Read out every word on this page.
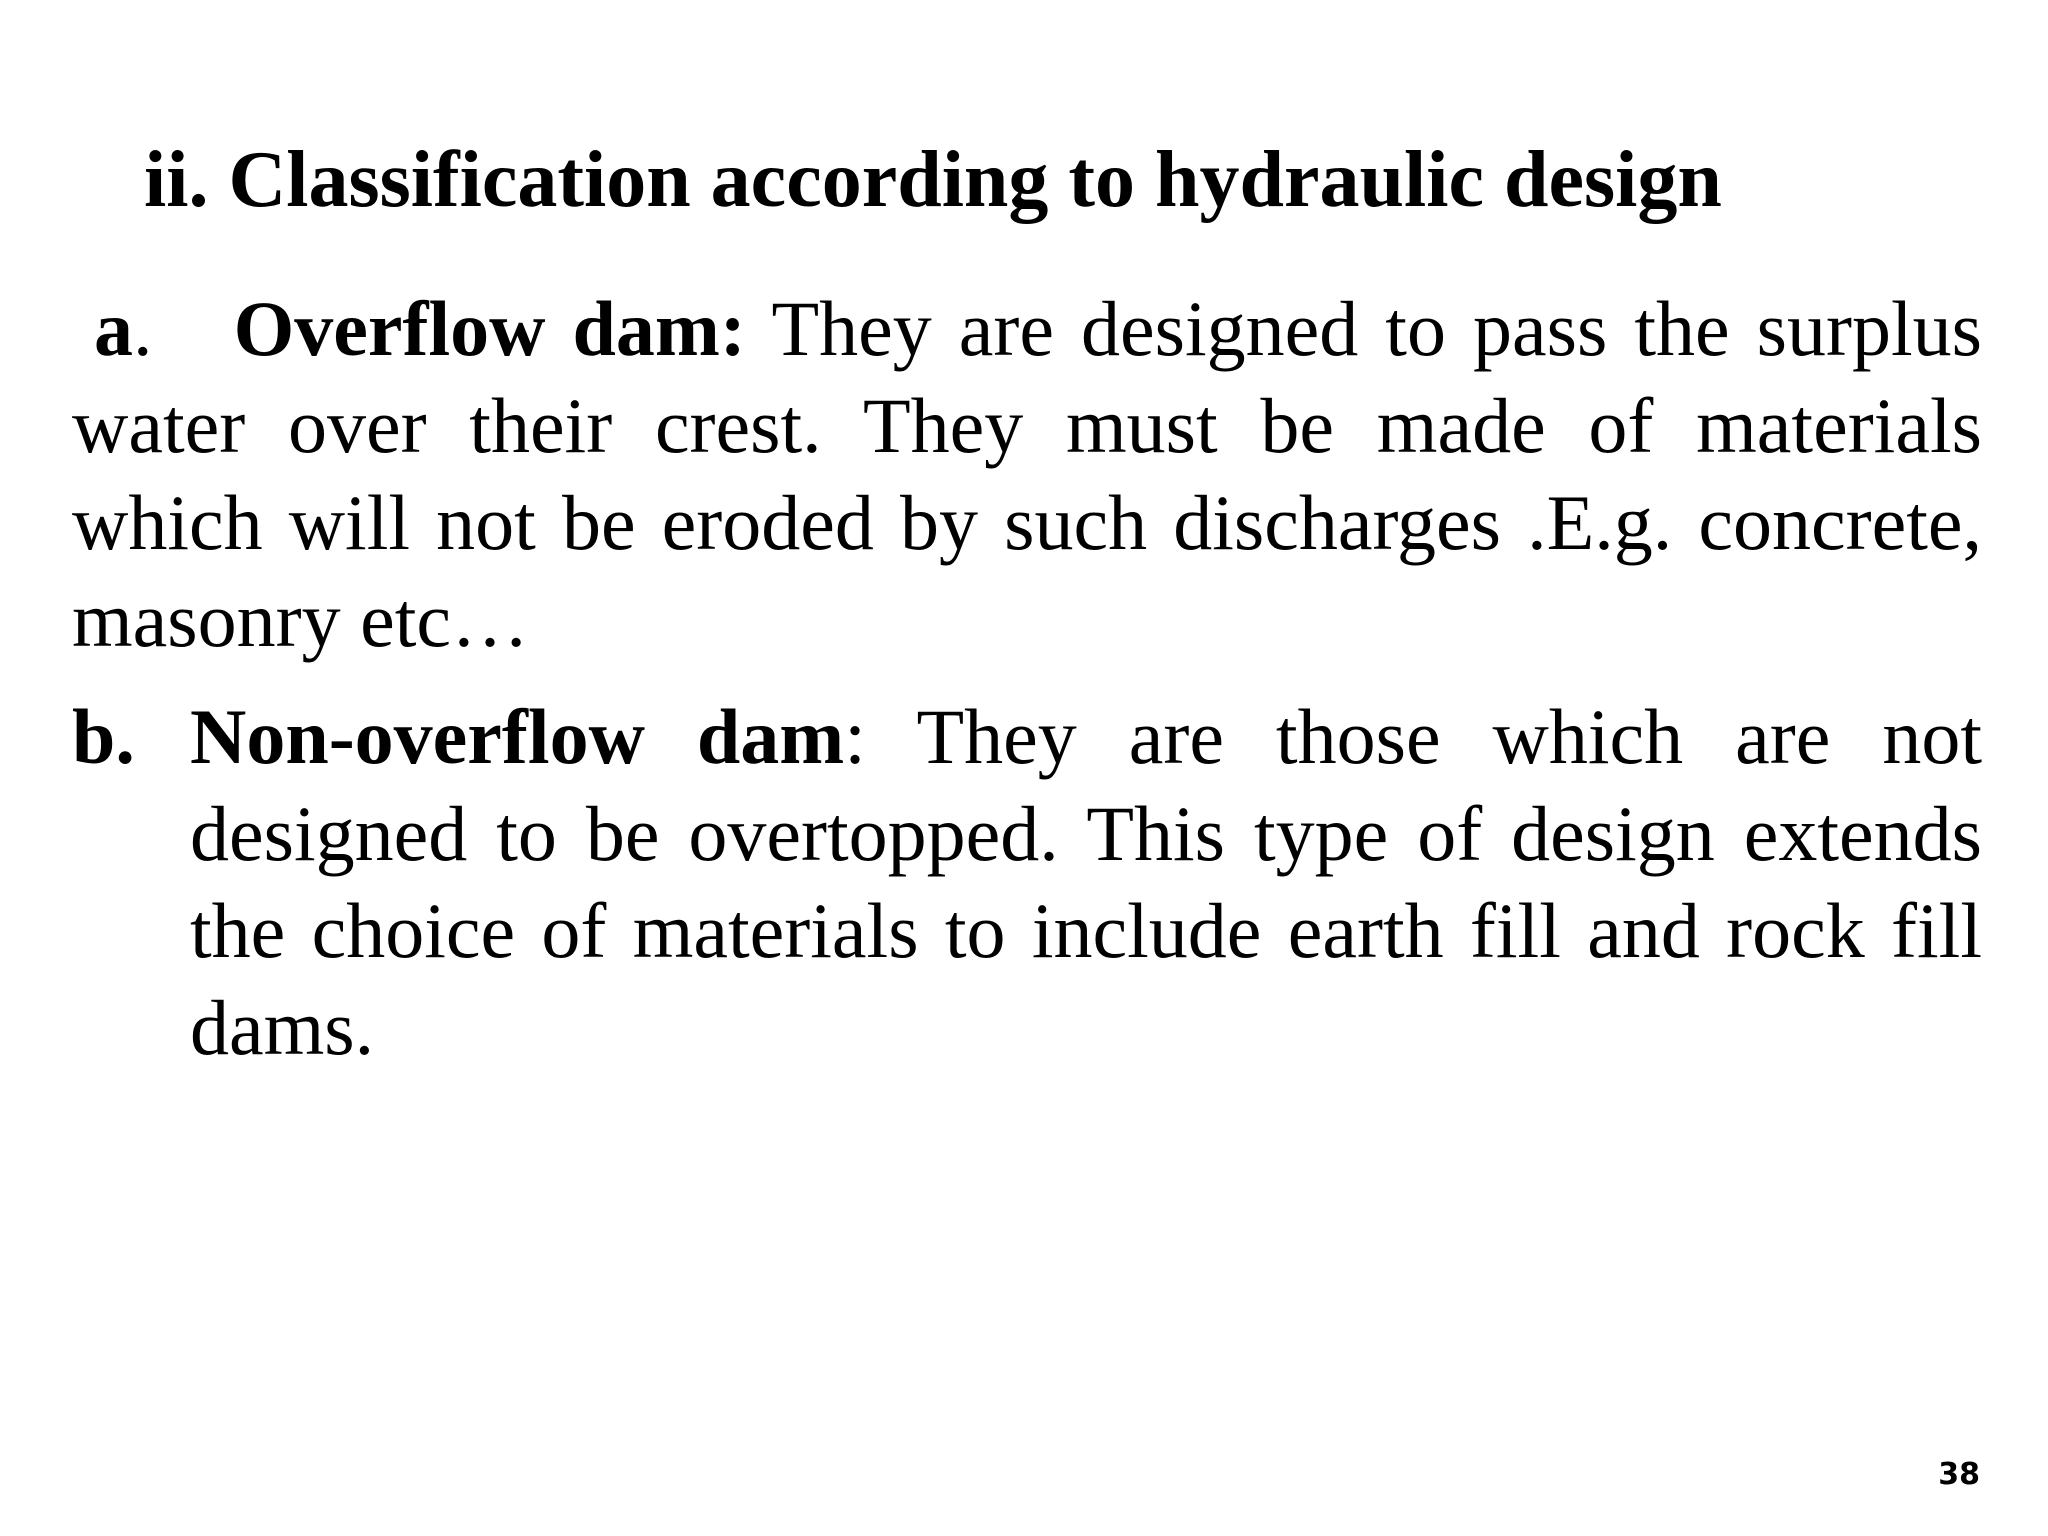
ii. Classification according to hydraulic design
a. Overflow dam: They are designed to pass the surplus water over their crest. They must be made of materials which will not be eroded by such discharges .E.g. concrete, masonry etc…
b. Non-overflow dam: They are those which are not designed to be overtopped. This type of design extends the choice of materials to include earth fill and rock fill dams.
38
